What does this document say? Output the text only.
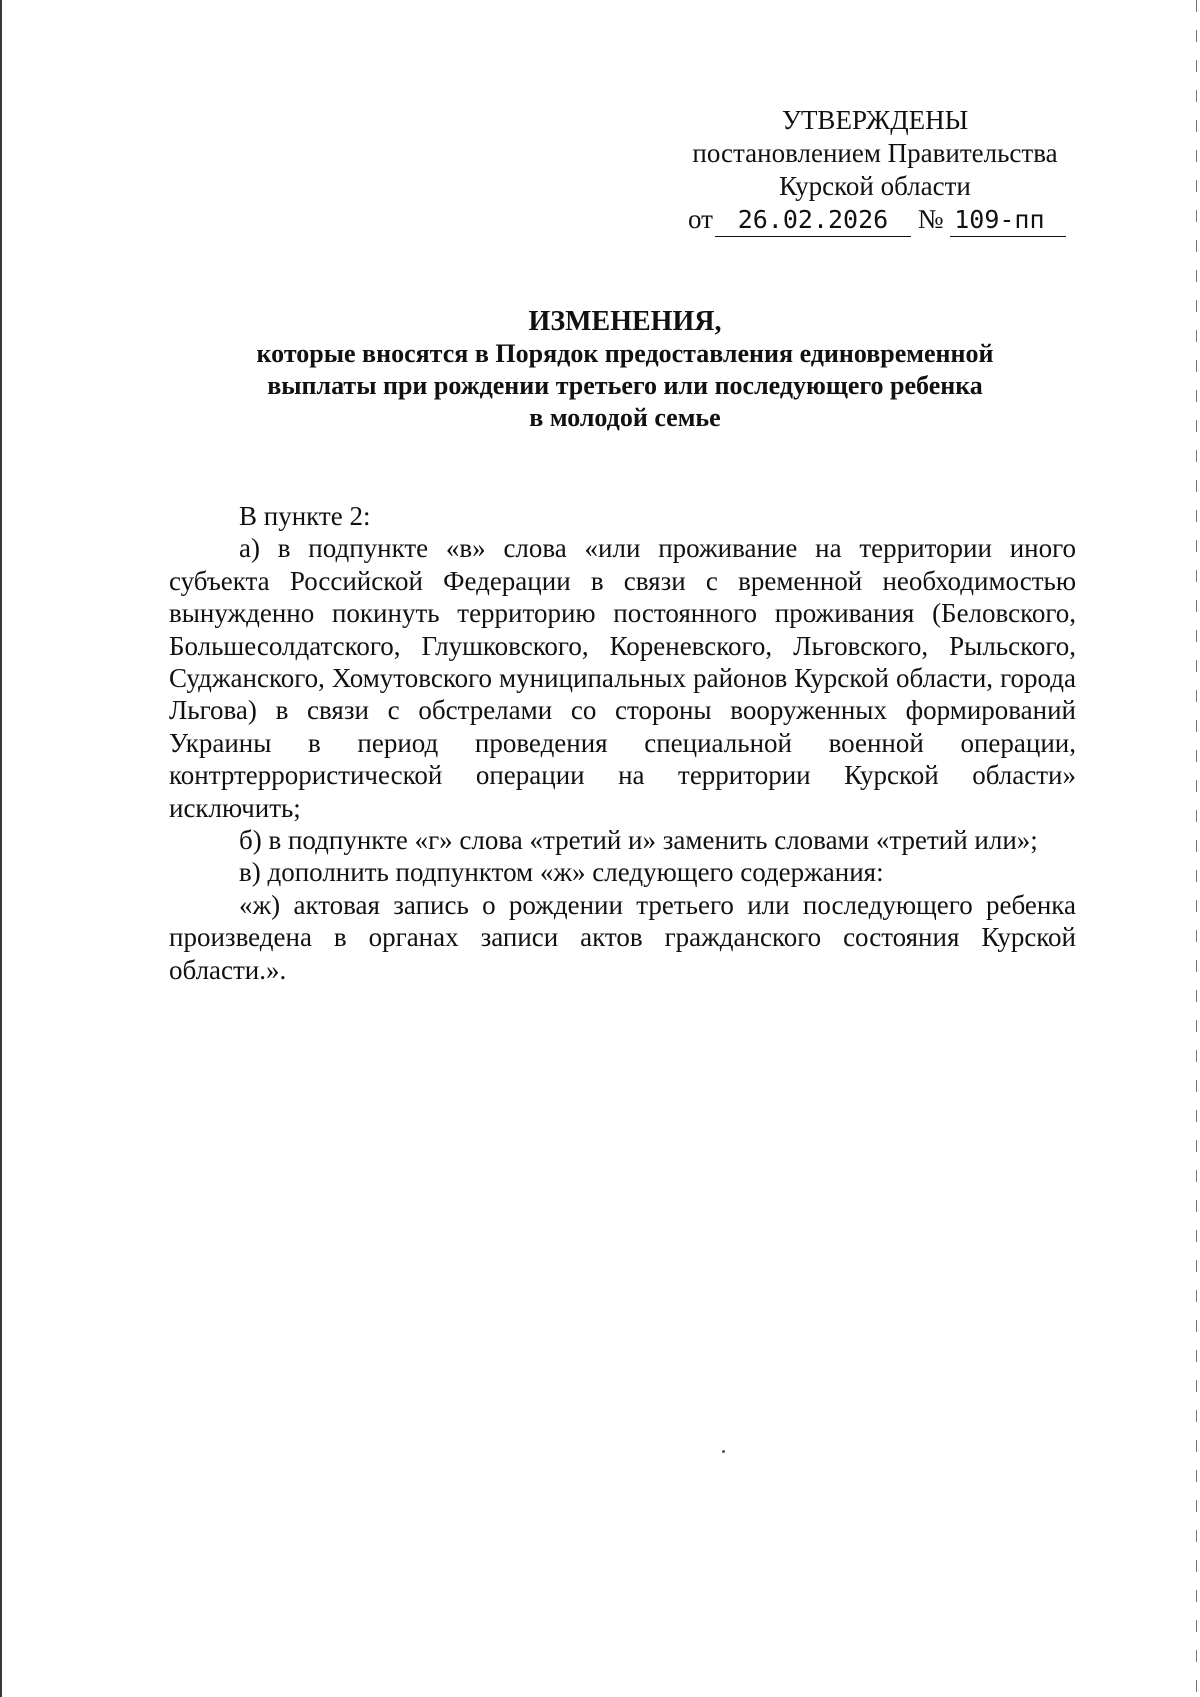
УТВЕРЖДЕНЫ
постановлением Правительства
Курской области
от 26.02.2026 № 109-пп
ИЗМЕНЕНИЯ,
которые вносятся в Порядок предоставления единовременной
выплаты при рождении третьего или последующего ребенка
в молодой семье

В пункте 2:

а) в подпункте «в» слова «или проживание на территории иного субъекта Российской Федерации в связи с временной необходимостью вынужденно покинуть территорию постоянного проживания (Беловского, Большесолдатского, Глушковского, Кореневского, Льговского, Рыльского, Суджанского, Хомутовского муниципальных районов Курской области, города Льгова) в связи с обстрелами со стороны вооруженных формирований Украины в период проведения специальной военной операции, контртеррористической операции на территории Курской области» исключить;

б) в подпункте «г» слова «третий и» заменить словами «третий или»;

в) дополнить подпунктом «ж» следующего содержания:

«ж) актовая запись о рождении третьего или последующего ребенка произведена в органах записи актов гражданского состояния Курской области.».
